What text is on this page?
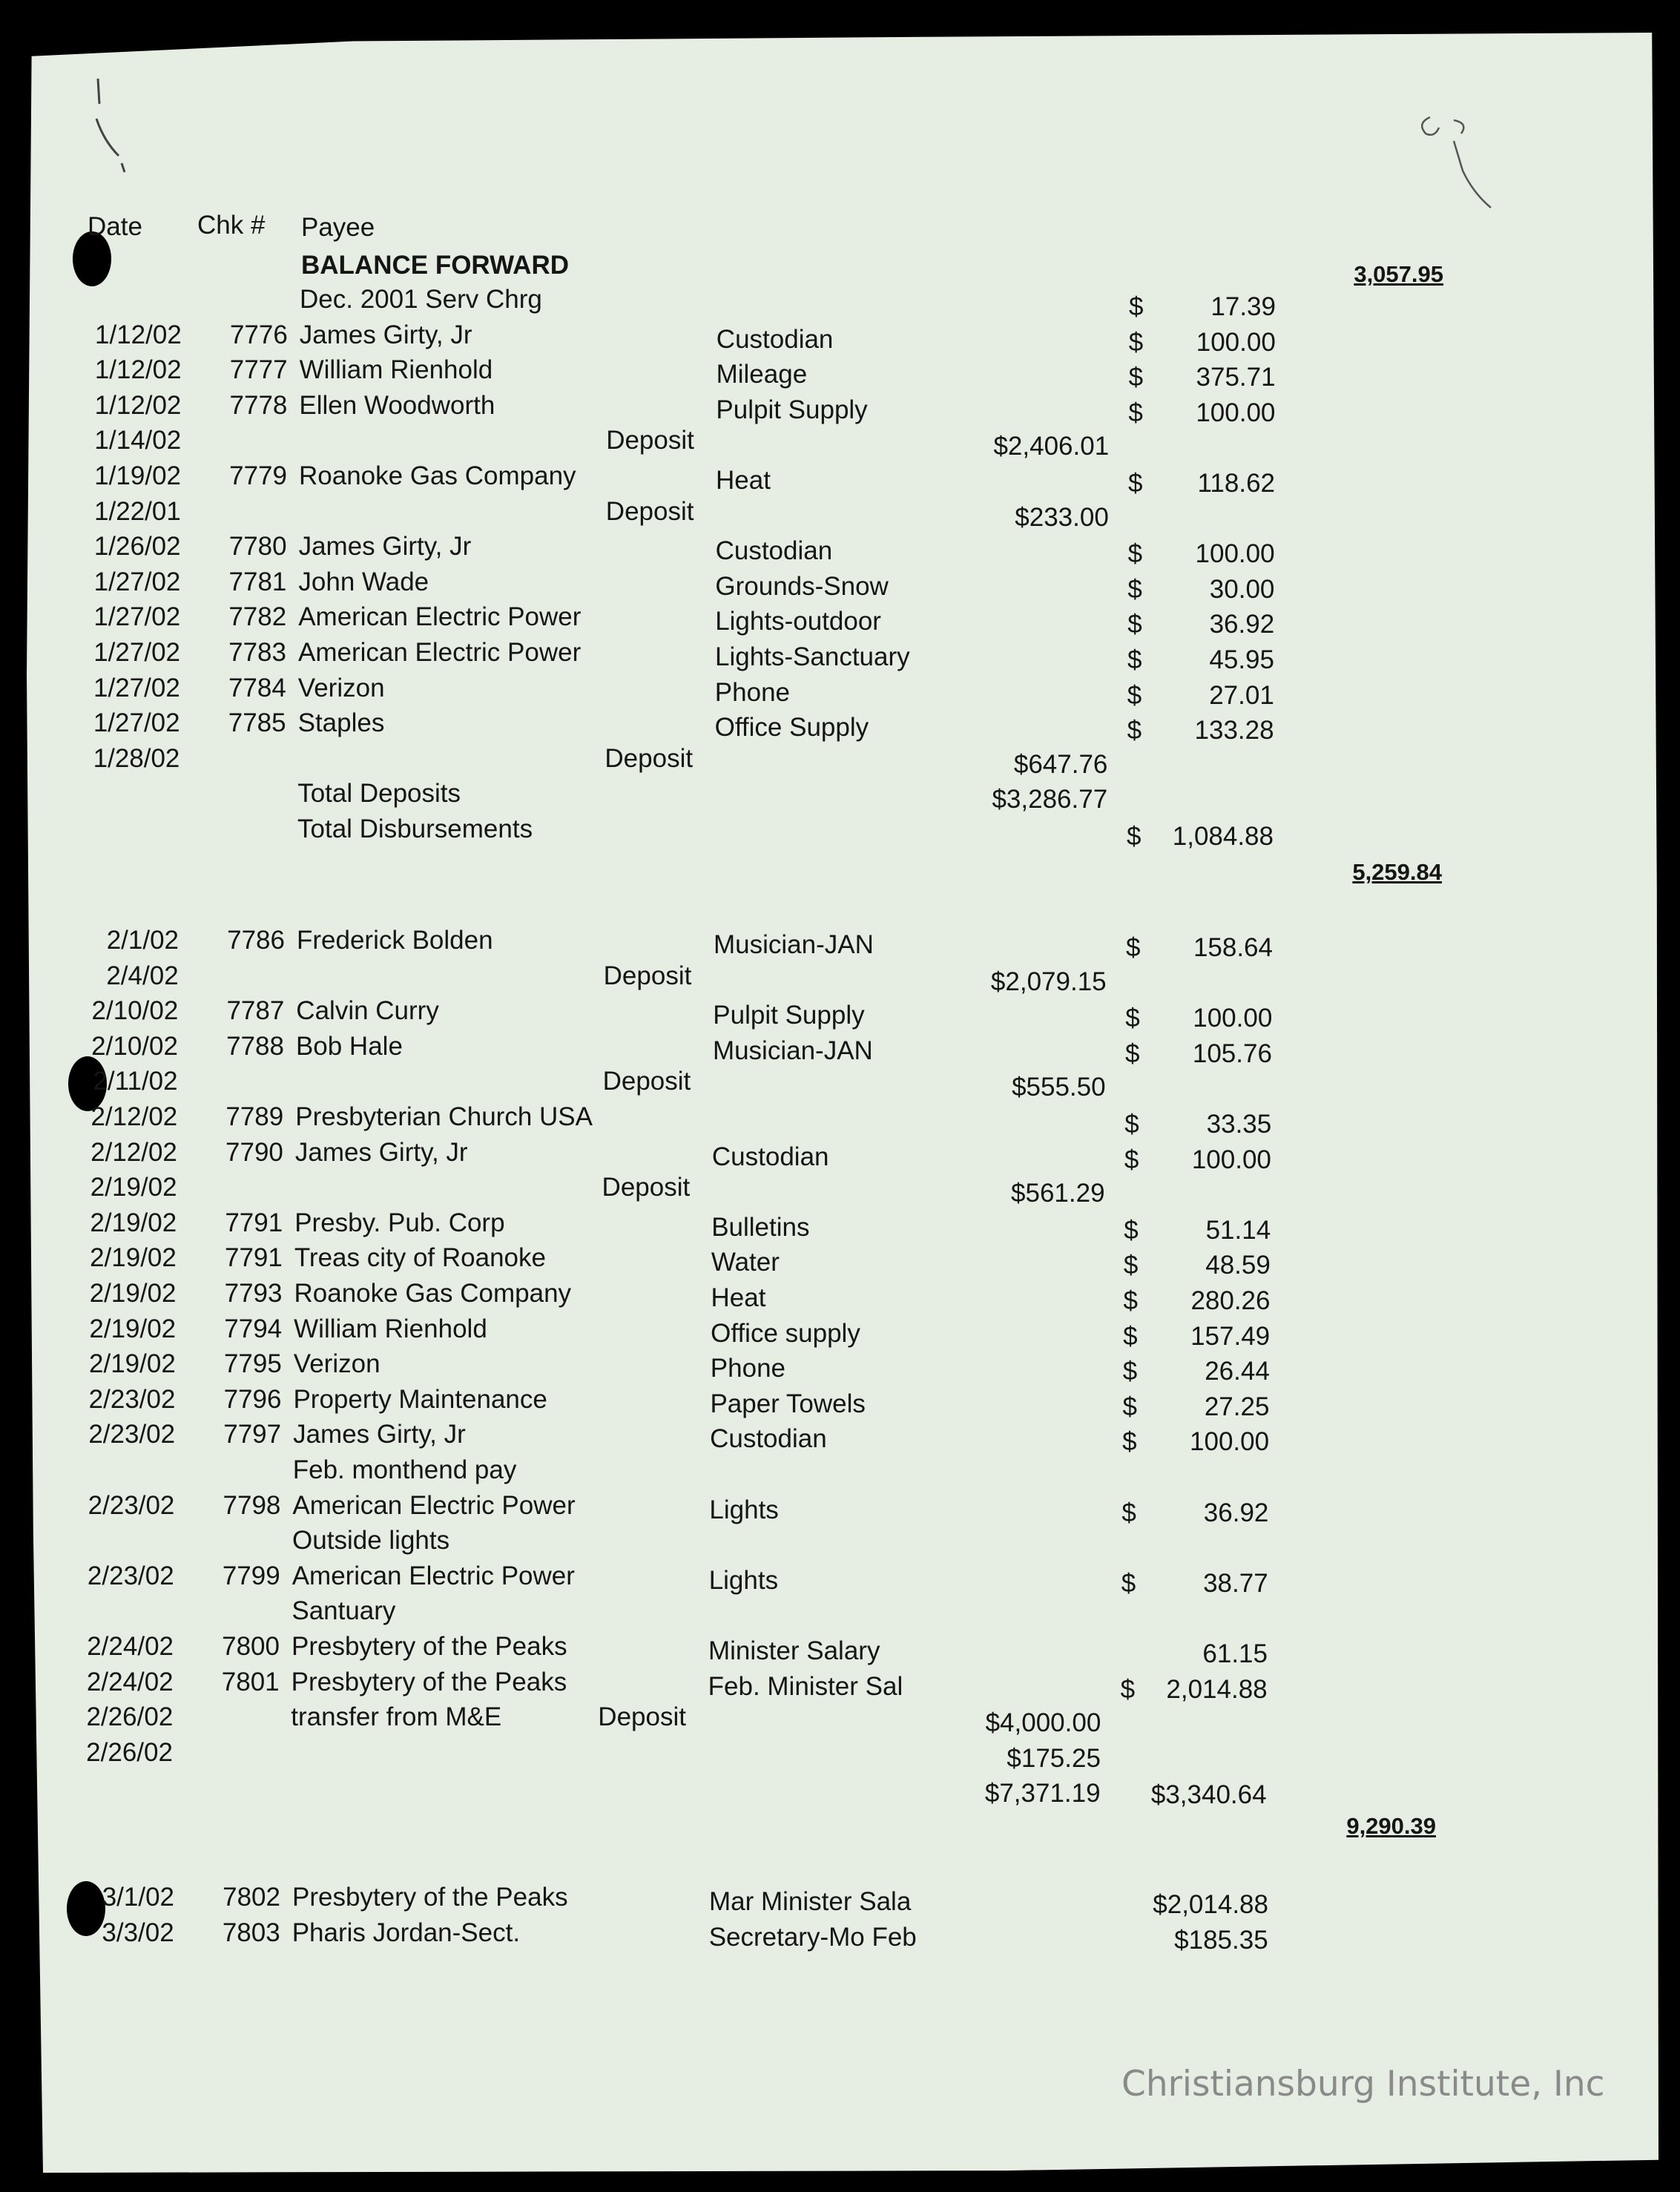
Date Chk # Payee
BALANCE FORWARD	3,057.95
Dec. 2001 Serv Chrg	$	17.39
1/12/02	7776 James Girty, Jr	Custodian	$	100.00
1/12/02	7777 William Rienhold	Mileage	$	375.71
1/12/02	7778 Ellen Woodworth	Pulpit Supply	$	100.00
1/14/02	Deposit	$2,406.01
1/19/02	7779 Roanoke Gas Company	Heat	$	118.62
1/22/01	Deposit	$233.00
1/26/02	7780 James Girty, Jr	Custodian	$	100.00
1/27/02	7781 John Wade	Grounds-Snow	$	30.00
1/27/02	7782 American Electric Power	Lights-outdoor	$	36.92
1/27/02	7783 American Electric Power	Lights-Sanctuary	$	45.95
1/27/02	7784 Verizon	Phone	$	27.01
1/27/02	7785 Staples	Office Supply	$	133.28
1/28/02	Deposit	$647.76
Total Deposits	$3,286.77
Total Disbursements	$	1,084.88
5,259.84
2/1/02	7786 Frederick Bolden	Musician-JAN	$	158.64
2/4/02	Deposit	$2,079.15
2/10/02	7787 Calvin Curry	Pulpit Supply	$	100.00
2/10/02	7788 Bob Hale	Musician-JAN	$	105.76
2/11/02	Deposit	$555.50
2/12/02	7789 Presbyterian Church USA	$	33.35
2/12/02	7790 James Girty, Jr	Custodian	$	100.00
2/19/02	Deposit	$561.29
2/19/02	7791 Presby. Pub. Corp	Bulletins	$	51.14
2/19/02	7791 Treas city of Roanoke	Water	$	48.59
2/19/02	7793 Roanoke Gas Company	Heat	$	280.26
2/19/02	7794 William Rienhold	Office supply	$	157.49
2/19/02	7795 Verizon	Phone	$	26.44
2/23/02	7796 Property Maintenance	Paper Towels	$	27.25
2/23/02	7797 James Girty, Jr	Custodian	$	100.00
Feb. monthend pay
2/23/02	7798 American Electric Power	Lights	$	36.92
Outside lights
2/23/02	7799 American Electric Power	Lights	$	38.77
Santuary
2/24/02	7800 Presbytery of the Peaks	Minister Salary	61.15
2/24/02	7801 Presbytery of the Peaks	Feb. Minister Sal	$	2,014.88
2/26/02	transfer from M&E	Deposit	$4,000.00
2/26/02	$175.25
$7,371.19	$3,340.64
9,290.39
3/1/02	7802 Presbytery of the Peaks	Mar Minister Sala	$2,014.88
3/3/02	7803 Pharis Jordan-Sect.	Secretary-Mo Feb	$185.35
Christiansburg Institute, Inc
